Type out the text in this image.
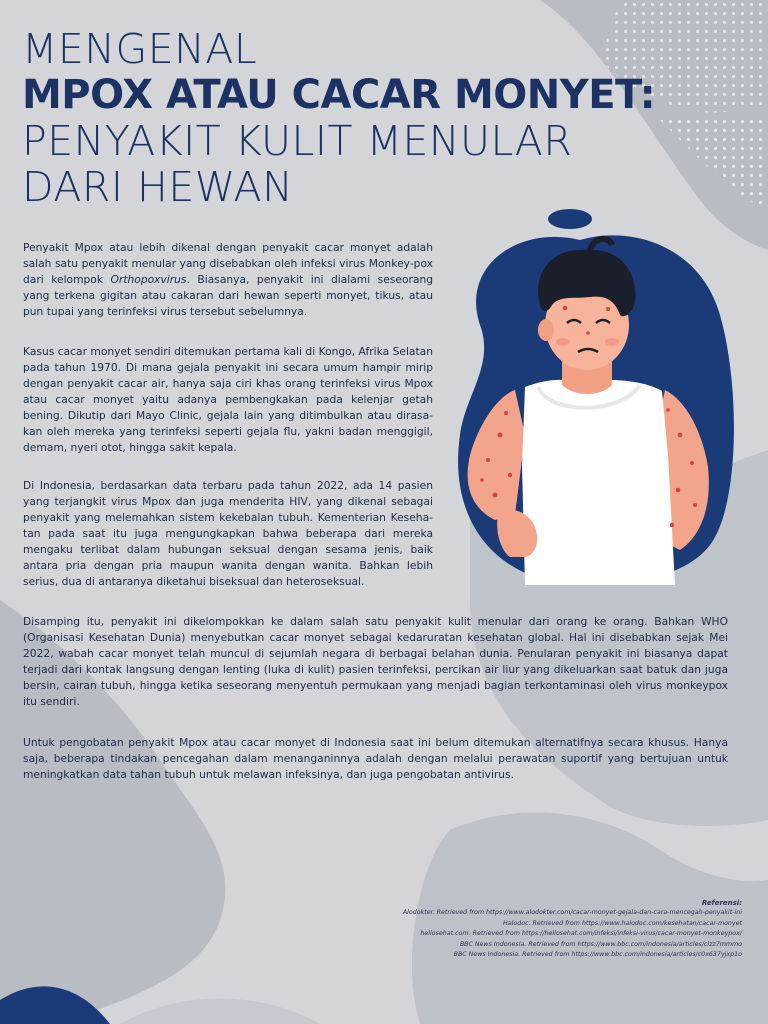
MENGENAL
MPOX ATAU CACAR MONYET:
PENYAKIT KULIT MENULAR
DARI HEWAN

Penyakit Mpox atau lebih dikenal dengan penyakit cacar monyet adalah salah satu penyakit menular yang disebabkan oleh infeksi virus Monkey-pox dari kelompok Orthopoxvirus. Biasanya, penyakit ini dialami seseorang yang terkena gigitan atau cakaran dari hewan seperti monyet, tikus, atau pun tupai yang terinfeksi virus tersebut sebelumnya.

Kasus cacar monyet sendiri ditemukan pertama kali di Kongo, Afrika Selatan pada tahun 1970. Di mana gejala penyakit ini secara umum hampir mirip dengan penyakit cacar air, hanya saja ciri khas orang terinfeksi virus Mpox atau cacar monyet yaitu adanya pembengkakan pada kelenjar getah bening. Dikutip dari Mayo Clinic, gejala lain yang ditimbulkan atau dirasa-kan oleh mereka yang terinfeksi seperti gejala flu, yakni badan menggigil, demam, nyeri otot, hingga sakit kepala.

Di Indonesia, berdasarkan data terbaru pada tahun 2022, ada 14 pasien yang terjangkit virus Mpox dan juga menderita HIV, yang dikenal sebagai penyakit yang melemahkan sistem kekebalan tubuh. Kementerian Keseha-tan pada saat itu juga mengungkapkan bahwa beberapa dari mereka mengaku terlibat dalam hubungan seksual dengan sesama jenis, baik antara pria dengan pria maupun wanita dengan wanita. Bahkan lebih serius, dua di antaranya diketahui biseksual dan heteroseksual.

Disamping itu, penyakit ini dikelompokkan ke dalam salah satu penyakit kulit menular dari orang ke orang. Bahkan WHO (Organisasi Kesehatan Dunia) menyebutkan cacar monyet sebagai kedaruratan kesehatan global. Hal ini disebabkan sejak Mei 2022, wabah cacar monyet telah muncul di sejumlah negara di berbagai belahan dunia. Penularan penyakit ini biasanya dapat terjadi dari kontak langsung dengan lenting (luka di kulit) pasien terinfeksi, percikan air liur yang dikeluarkan saat batuk dan juga bersin, cairan tubuh, hingga ketika seseorang menyentuh permukaan yang menjadi bagian terkontaminasi oleh virus monkeypox itu sendiri.

Untuk pengobatan penyakit Mpox atau cacar monyet di Indonesia saat ini belum ditemukan alternatifnya secara khusus. Hanya saja, beberapa tindakan pencegahan dalam menanganinnya adalah dengan melalui perawatan suportif yang bertujuan untuk meningkatkan data tahan tubuh untuk melawan infeksinya, dan juga pengobatan antivirus.

Referensi:
Alodokter. Retrieved from https://www.alodokter.com/cacar-monyet-gejala-dan-cara-mencegah-penyakit-ini
Halodoc. Retrieved from https://www.halodoc.com/kesehatan/cacar-monyet
hellosehat.com. Retrieved from https://hellosehat.com/infeksi/infeksi-virus/cacar-monyet-monkeypox/
BBC News Indonesia. Retrieved from https://www.bbc.com/indonesia/articles/clzz7mmmo
BBC News Indonesia. Retrieved from https://www.bbc.com/indonesia/articles/c0x637yjxp1o
